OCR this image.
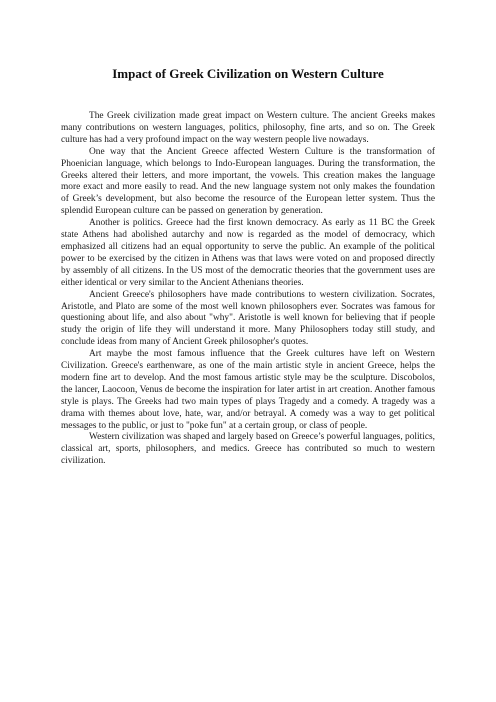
Impact of Greek Civilization on Western Culture

The Greek civilization made great impact on Western culture. The ancient Greeks makes many contributions on western languages, politics, philosophy, fine arts, and so on. The Greek culture has had a very profound impact on the way western people live nowadays.

One way that the Ancient Greece affected Western Culture is the transformation of Phoenician language, which belongs to Indo-European languages. During the transformation, the Greeks altered their letters, and more important, the vowels. This creation makes the language more exact and more easily to read. And the new language system not only makes the foundation of Greek’s development, but also become the resource of the European letter system. Thus the splendid European culture can be passed on generation by generation.

Another is politics. Greece had the first known democracy. As early as 11 BC the Greek state Athens had abolished autarchy and now is regarded as the model of democracy, which emphasized all citizens had an equal opportunity to serve the public. An example of the political power to be exercised by the citizen in Athens was that laws were voted on and proposed directly by assembly of all citizens. In the US most of the democratic theories that the government uses are either identical or very similar to the Ancient Athenians theories.

Ancient Greece's philosophers have made contributions to western civilization. Socrates, Aristotle, and Plato are some of the most well known philosophers ever. Socrates was famous for questioning about life, and also about "why". Aristotle is well known for believing that if people study the origin of life they will understand it more. Many Philosophers today still study, and conclude ideas from many of Ancient Greek philosopher's quotes.

Art maybe the most famous influence that the Greek cultures have left on Western Civilization. Greece's earthenware, as one of the main artistic style in ancient Greece, helps the modern fine art to develop. And the most famous artistic style may be the sculpture. Discobolos, the lancer, Laocoon, Venus de become the inspiration for later artist in art creation. Another famous style is plays. The Greeks had two main types of plays Tragedy and a comedy. A tragedy was a drama with themes about love, hate, war, and/or betrayal. A comedy was a way to get political messages to the public, or just to "poke fun" at a certain group, or class of people.

Western civilization was shaped and largely based on Greece’s powerful languages, politics, classical art, sports, philosophers, and medics. Greece has contributed so much to western civilization.
